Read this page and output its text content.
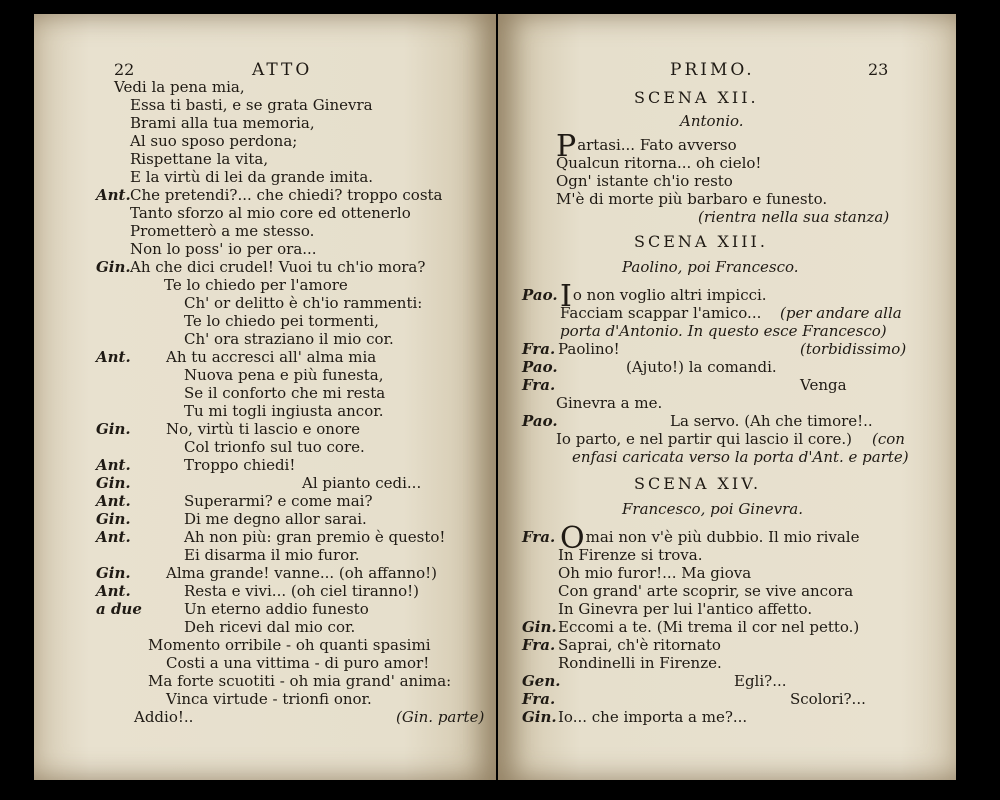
22	ATTO
Vedi la pena mia,
Essa ti basti, e se grata Ginevra
Brami alla tua memoria,
Al suo sposo perdona;
Rispettane la vita,
E la virtù di lei da grande imita.
Ant. Che pretendi?... che chiedi? troppo costa
Tanto sforzo al mio core ed ottenerlo
Prometterò a me stesso.
Non lo poss' io per ora...
Gin. Ah che dici crudel! Vuoi tu ch'io mora?
Te lo chiedo per l'amore
Ch' or delitto è ch'io rammenti:
Te lo chiedo pei tormenti,
Ch' ora straziano il mio cor.
Ant. Ah tu accresci all' alma mia
Nuova pena e più funesta,
Se il conforto che mi resta
Tu mi togli ingiusta ancor.
Gin. No, virtù ti lascio e onore
Col trionfo sul tuo core.
Ant.	Troppo chiedi!
Gin.	Al pianto cedi...
Ant.	Superarmi? e come mai?
Gin.	Di me degno allor sarai.
Ant.	Ah non più: gran premio è questo!
Ei disarma il mio furor.
Gin. Alma grande! vanne... (oh affanno!)
Ant.	Resta e vivi... (oh ciel tiranno!)
a due	Un eterno addio funesto
Deh ricevi dal mio cor.
Momento orribile - oh quanti spasimi
Costi a una vittima - di puro amor!
Ma forte scuotiti - oh mia grand' anima:
Vinca virtude - trionfi onor.
Addio!..	(Gin. parte)
PRIMO.	23
SCENA XII.
Antonio.
Partasi... Fato avverso
Qualcun ritorna... oh cielo!
Ogn' istante ch'io resto
M'è di morte più barbaro e funesto.
(rientra nella sua stanza)
SCENA XIII.
Paolino, poi Francesco.
Pao. Io non voglio altri impicci.
Facciam scappar l'amico... (per andare alla
porta d'Antonio. In questo esce Francesco)
Fra. Paolino!	(torbidissimo)
Pao.	(Ajuto!) la comandi.
Fra.	Venga
Ginevra a me.
Pao.	La servo. (Ah che timore!..
Io parto, e nel partir qui lascio il core.) (con
enfasi caricata verso la porta d'Ant. e parte)
SCENA XIV.
Francesco, poi Ginevra.
Fra. Omai non v'è più dubbio. Il mio rivale
In Firenze si trova.
Oh mio furor!... Ma giova
Con grand' arte scoprir, se vive ancora
In Ginevra per lui l'antico affetto.
Gin. Eccomi a te. (Mi trema il cor nel petto.)
Fra. Saprai, ch'è ritornato
Rondinelli in Firenze.
Gen.	Egli?...
Fra.	Scolori?...
Gin. Io... che importa a me?...
